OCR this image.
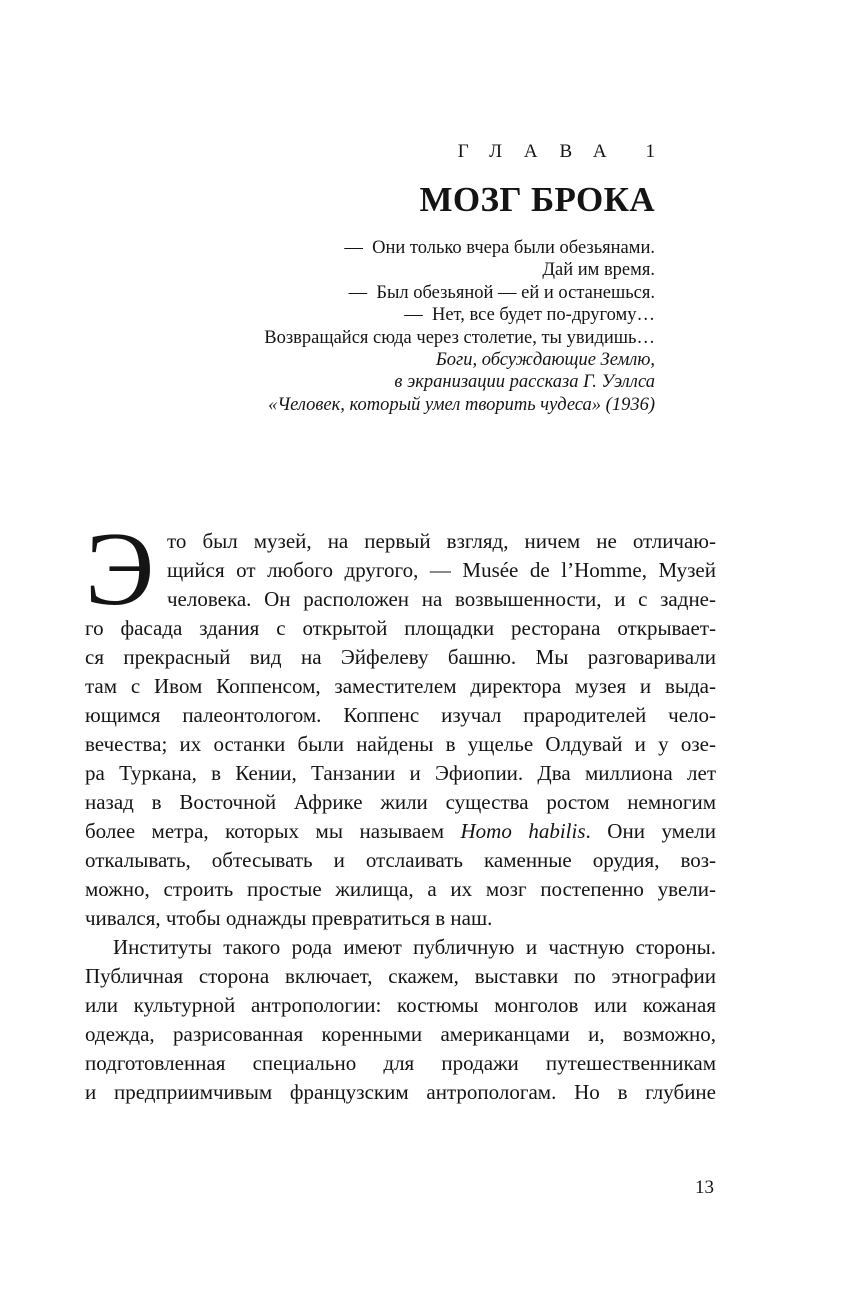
ГЛАВА 1
МОЗГ БРОКА
— Они только вчера были обезьянами.
Дай им время.
— Был обезьяной — ей и останешься.
— Нет, все будет по-другому…
Возвращайся сюда через столетие, ты увидишь…
Боги, обсуждающие Землю,
в экранизации рассказа Г. Уэллса
«Человек, который умел творить чудеса» (1936)
Э то был музей, на первый взгляд, ничем не отличаю-
щийся от любого другого, — Musée de l’Homme, Музей
человека. Он расположен на возвышенности, и с задне-
го фасада здания с открытой площадки ресторана открывает-
ся прекрасный вид на Эйфелеву башню. Мы разговаривали
там с Ивом Коппенсом, заместителем директора музея и выда-
ющимся палеонтологом. Коппенс изучал прародителей чело-
вечества; их останки были найдены в ущелье Олдувай и у озе-
ра Туркана, в Кении, Танзании и Эфиопии. Два миллиона лет
назад в Восточной Африке жили существа ростом немногим
более метра, которых мы называем Homo habilis. Они умели
откалывать, обтесывать и отслаивать каменные орудия, воз-
можно, строить простые жилища, а их мозг постепенно увели-
чивался, чтобы однажды превратиться в наш.
Институты такого рода имеют публичную и частную стороны.
Публичная сторона включает, скажем, выставки по этнографии
или культурной антропологии: костюмы монголов или кожаная
одежда, разрисованная коренными американцами и, возможно,
подготовленная специально для продажи путешественникам
и предприимчивым французским антропологам. Но в глубине
13
